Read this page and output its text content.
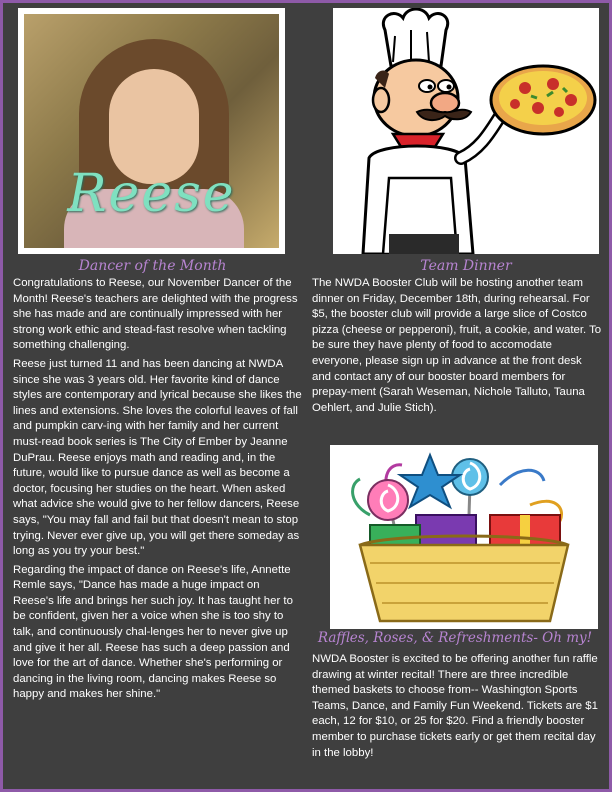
Reese
Dancer of the Month	Team Dinner

Congratulations to Reese, our November Dancer of the Month! Reese's teachers are delighted with the progress she has made and are continually impressed with her strong work ethic and stead-fast resolve when tackling something challenging.

Reese just turned 11 and has been dancing at NWDA since she was 3 years old. Her favorite kind of dance styles are contemporary and lyrical because she likes the lines and extensions. She loves the colorful leaves of fall and pumpkin carv-ing with her family and her current must-read book series is The City of Ember by Jeanne DuPrau. Reese enjoys math and reading and, in the future, would like to pursue dance as well as become a doctor, focusing her studies on the heart. When asked what advice she would give to her fellow dancers, Reese says, "You may fall and fail but that doesn't mean to stop trying. Never ever give up, you will get there someday as long as you try your best."

Regarding the impact of dance on Reese's life, Annette Remle says, "Dance has made a huge impact on Reese's life and brings her such joy. It has taught her to be confident, given her a voice when she is too shy to talk, and continuously chal-lenges her to never give up and give it her all. Reese has such a deep passion and love for the art of dance. Whether she's performing or dancing in the living room, dancing makes Reese so happy and makes her shine."

The NWDA Booster Club will be hosting another team dinner on Friday, December 18th, during rehearsal. For $5, the booster club will provide a large slice of Costco pizza (cheese or pepperoni), fruit, a cookie, and water. To be sure they have plenty of food to accomodate everyone, please sign up in advance at the front desk and contact any of our booster board members for prepay-ment (Sarah Weseman, Nichole Talluto, Tauna Oehlert, and Julie Stich).
Raffles, Roses, & Refreshments- Oh my!
NWDA Booster is excited to be offering another fun raffle drawing at winter recital! There are three incredible themed baskets to choose from-- Washington Sports Teams, Dance, and Family Fun Weekend. Tickets are $1 each, 12 for $10, or 25 for $20. Find a friendly booster member to purchase tickets early or get them recital day in the lobby!
